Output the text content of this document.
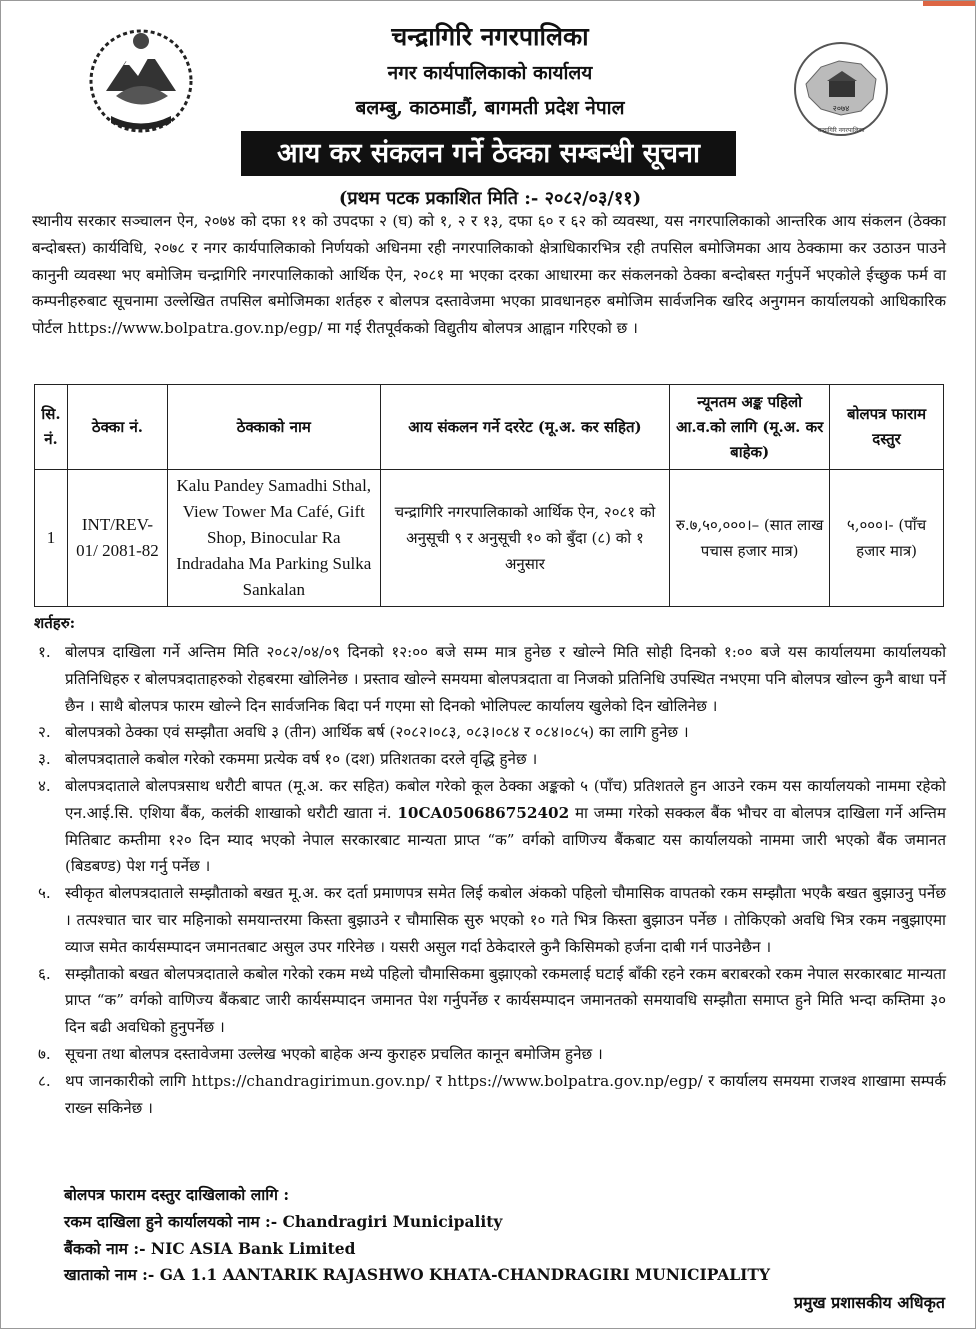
२०७४
चन्द्रागिरि नगरपालिका
चन्द्रागिरि नगरपालिका
नगर कार्यपालिकाको कार्यालय
बलम्बु, काठमाडौं, बागमती प्रदेश नेपाल
आय कर संकलन गर्ने ठेक्का सम्बन्धी सूचना
(प्रथम पटक प्रकाशित मिति :- २०८२/०३/११)
स्थानीय सरकार सञ्चालन ऐन, २०७४ को दफा ११ को उपदफा २ (घ) को १, २ र १३, दफा ६० र ६२ को व्यवस्था, यस नगरपालिकाको आन्तरिक आय संकलन (ठेक्का बन्दोबस्त) कार्यविधि, २०७८ र नगर कार्यपालिकाको निर्णयको अधिनमा रही नगरपालिकाको क्षेत्राधिकारभित्र रही तपसिल बमोजिमका आय ठेक्कामा कर उठाउन पाउने कानुनी व्यवस्था भए बमोजिम चन्द्रागिरि नगरपालिकाको आर्थिक ऐन, २०८१ मा भएका दरका आधारमा कर संकलनको ठेक्का बन्दोबस्त गर्नुपर्ने भएकोले ईच्छुक फर्म वा कम्पनीहरुबाट सूचनामा उल्लेखित तपसिल बमोजिमका शर्तहरु र बोलपत्र दस्तावेजमा भएका प्रावधानहरु बमोजिम सार्वजनिक खरिद अनुगमन कार्यालयको आधिकारिक पोर्टल https://www.bolpatra.gov.np/egp/ मा गई रीतपूर्वकको विद्युतीय बोलपत्र आह्वान गरिएको छ ।
सि. नं.	ठेक्का नं.	ठेक्काको नाम	आय संकलन गर्ने दररेट (मू.अ. कर सहित)	न्यूनतम अङ्क पहिलो आ.व.को लागि (मू.अ. कर बाहेक)	बोलपत्र फाराम दस्तुर
1	INT/REV-01/ 2081-82	Kalu Pandey Samadhi Sthal, View Tower Ma Café, Gift Shop, Binocular Ra Indradaha Ma Parking Sulka Sankalan	चन्द्रागिरि नगरपालिकाको आर्थिक ऐन, २०८१ को अनुसूची ९ र अनुसूची १० को बुँदा (८) को १ अनुसार	रु.७,५०,०००।– (सात लाख पचास हजार मात्र)	५,०००।- (पाँच हजार मात्र)
शर्तहरु:
१. बोलपत्र दाखिला गर्ने अन्तिम मिति २०८२/०४/०९ दिनको १२:०० बजे सम्म मात्र हुनेछ र खोल्ने मिति सोही दिनको १:०० बजे यस कार्यालयमा कार्यालयको प्रतिनिधिहरु र बोलपत्रदाताहरुको रोहबरमा खोलिनेछ । प्रस्ताव खोल्ने समयमा बोलपत्रदाता वा निजको प्रतिनिधि उपस्थित नभएमा पनि बोलपत्र खोल्न कुनै बाधा पर्ने छैन । साथै बोलपत्र फारम खोल्ने दिन सार्वजनिक बिदा पर्न गएमा सो दिनको भोलिपल्ट कार्यालय खुलेको दिन खोलिनेछ ।
२. बोलपत्रको ठेक्का एवं सम्झौता अवधि ३ (तीन) आर्थिक बर्ष (२०८२।०८३, ०८३।०८४ र ०८४।०८५) का लागि हुनेछ ।
३. बोलपत्रदाताले कबोल गरेको रकममा प्रत्येक वर्ष १० (दश) प्रतिशतका दरले वृद्धि हुनेछ ।
४. बोलपत्रदाताले बोलपत्रसाथ धरौटी बापत (मू.अ. कर सहित) कबोल गरेको कूल ठेक्का अङ्कको ५ (पाँच) प्रतिशतले हुन आउने रकम यस कार्यालयको नाममा रहेको एन.आई.सि. एशिया बैंक, कलंकी शाखाको धरौटी खाता नं. 10CA050686752402 मा जम्मा गरेको सक्कल बैंक भौचर वा बोलपत्र दाखिला गर्ने अन्तिम मितिबाट कम्तीमा १२० दिन म्याद भएको नेपाल सरकारबाट मान्यता प्राप्त “क” वर्गको वाणिज्य बैंकबाट यस कार्यालयको नाममा जारी भएको बैंक जमानत (बिडबण्ड) पेश गर्नु पर्नेछ ।
५. स्वीकृत बोलपत्रदाताले सम्झौताको बखत मू.अ. कर दर्ता प्रमाणपत्र समेत लिई कबोल अंकको पहिलो चौमासिक वापतको रकम सम्झौता भएकै बखत बुझाउनु पर्नेछ । तत्पश्चात चार चार महिनाको समयान्तरमा किस्ता बुझाउने र चौमासिक सुरु भएको १० गते भित्र किस्ता बुझाउन पर्नेछ । तोकिएको अवधि भित्र रकम नबुझाएमा व्याज समेत कार्यसम्पादन जमानतबाट असुल उपर गरिनेछ । यसरी असुल गर्दा ठेकेदारले कुनै किसिमको हर्जना दाबी गर्न पाउनेछैन ।
६. सम्झौताको बखत बोलपत्रदाताले कबोल गरेको रकम मध्ये पहिलो चौमासिकमा बुझाएको रकमलाई घटाई बाँकी रहने रकम बराबरको रकम नेपाल सरकारबाट मान्यता प्राप्त “क” वर्गको वाणिज्य बैंकबाट जारी कार्यसम्पादन जमानत पेश गर्नुपर्नेछ र कार्यसम्पादन जमानतको समयावधि सम्झौता समाप्त हुने मिति भन्दा कम्तिमा ३० दिन बढी अवधिको हुनुपर्नेछ ।
७. सूचना तथा बोलपत्र दस्तावेजमा उल्लेख भएको बाहेक अन्य कुराहरु प्रचलित कानून बमोजिम हुनेछ ।
८. थप जानकारीको लागि https://chandragirimun.gov.np/ र https://www.bolpatra.gov.np/egp/ र कार्यालय समयमा राजश्व शाखामा सम्पर्क राख्न सकिनेछ ।
बोलपत्र फाराम दस्तुर दाखिलाको लागि :
रकम दाखिला हुने कार्यालयको नाम :- Chandragiri Municipality
बैंकको नाम :- NIC ASIA Bank Limited
खाताको नाम :- GA 1.1 AANTARIK RAJASHWO KHATA-CHANDRAGIRI MUNICIPALITY
प्रमुख प्रशासकीय अधिकृत
